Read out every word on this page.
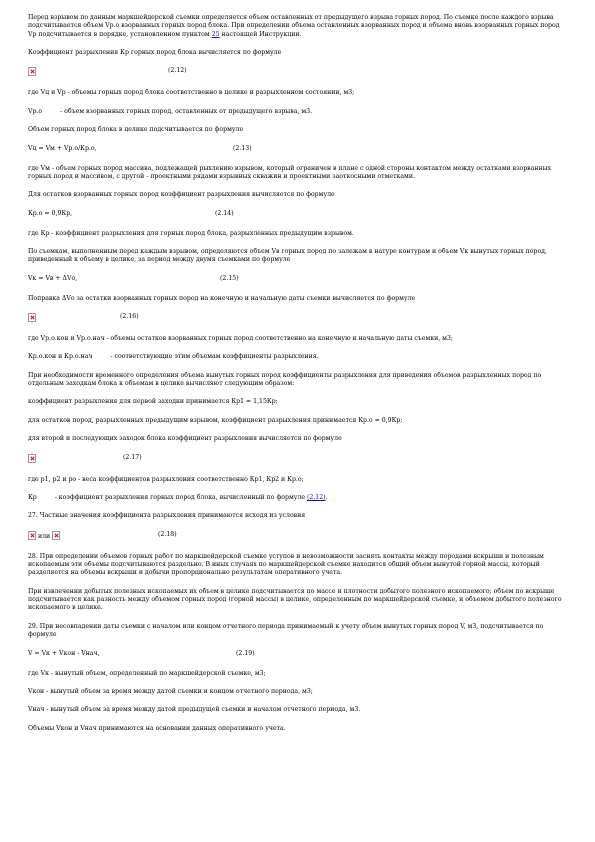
Перед взрывом по данным маркшейдерской съемки определяется объем оставленных от предыдущего взрыва горных пород. По съемке после каждого взрыва подсчитывается объем Vр.о взорванных горных пород блока. При определении объема оставленных взорванных пород и объема вновь взорванных горных пород Vр подсчитывается в порядке, установленном пунктом 25 настоящей Инструкции.

Коэффициент разрыхления Кр горных пород блока вычисляется по формуле

(2.12)

где Vц и Vр - объемы горных пород блока соответственно в целике и разрыхленном состоянии, м3;

Vр.о	- объем взорванных горных пород, оставленных от предыдущего взрыва, м3.

Объем горных пород блока в целике подсчитывается по формуле

Vц = Vм + Vр.о/Кр.о,	(2.13)

где Vм - объем горных пород массива, подлежащей рыхлению взрывом, который ограничен в плане с одной стороны контактом между остатками взорванных горных пород и массивом, с другой - проектными рядами взрывных скважин и проектными заоткосными отметками.

Для остатков взорванных горных пород коэффициент разрыхления вычисляется по формуле

Кр.о = 0,9Кр,	(2.14)

где Кр - коэффициент разрыхления для горных пород блока, разрыхленных предыдущим взрывом.

По съемкам, выполненным перед каждым взрывом, определяются объем Vв горных пород по залежам в натуре контурам и объем Vк вынутых горных пород, приведенный к объему в целике, за период между двумя съемками по формуле

Vк = Vв + ΔVо,	(2.15)

Поправка ΔVо за остатки взорванных горных пород на конечную и начальную даты съемки вычисляется по формуле

(2.16)

где Vр.о.кон и Vр.о.нач - объемы остатков взорванных горных пород соответственно на конечную и начальную даты съемки, м3;

Кр.о.кон и Кр.о.нач	- соответствующие этим объемам коэффициенты разрыхления.

При необходимости временного определения объема вынутых горных пород коэффициенты разрыхления для приведения объемов разрыхленных пород по отдельным заходкам блока к объемам в целике вычисляют следующим образом:

коэффициент разрыхления для первой заходки принимается Кр1 = 1,15Кр;

для остатков пород, разрыхленных предыдущим взрывом, коэффициент разрыхления принимается Кр.о = 0,9Кр;

для второй и последующих заходок блока коэффициент разрыхления вычисляется по формуле

(2.17)

где p1, p2 и pо - веса коэффициентов разрыхления соответственно Кр1, Кр2 и Кр.о;

Кр	- коэффициент разрыхления горных пород блока, вычисленный по формуле (2.12).

27. Частные значения коэффициента разрыхления принимаются исходя из условия

или	(2.18)

28. При определении объемов горных работ по маркшейдерской съемке уступов и невозможности заснять контакты между породами вскрыши и полезным ископаемым эти объемы подсчитываются раздельно. В иных случаях по маркшейдерской съемке находится общий объем вынутой горной массы, который разделяется на объемы вскрыши и добычи пропорционально результатам оперативного учета.

При извлечении добытых полезных ископаемых их объем в целике подсчитывается по массе и плотности добытого полезного ископаемого; объем по вскрыше подсчитывается как разность между объемом горных пород (горной массы) в целике, определенным по маркшейдерской съемке, и объемом добытого полезного ископаемого в целике.

29. При несовпадении даты съемки с началом или концом отчетного периода принимаемый к учету объем вынутых горных пород V, м3, подсчитывается по формуле

V = Vк + Vкон - Vнач,	(2.19)

где Vк - вынутый объем, определенный по маркшейдерской съемке, м3;

Vкон - вынутый объем за время между датой съемки и концом отчетного периода, м3;

Vнач - вынутый объем за время между датой предыдущей съемки и началом отчетного периода, м3.

Объемы Vкон и Vнач принимаются на основании данных оперативного учета.
